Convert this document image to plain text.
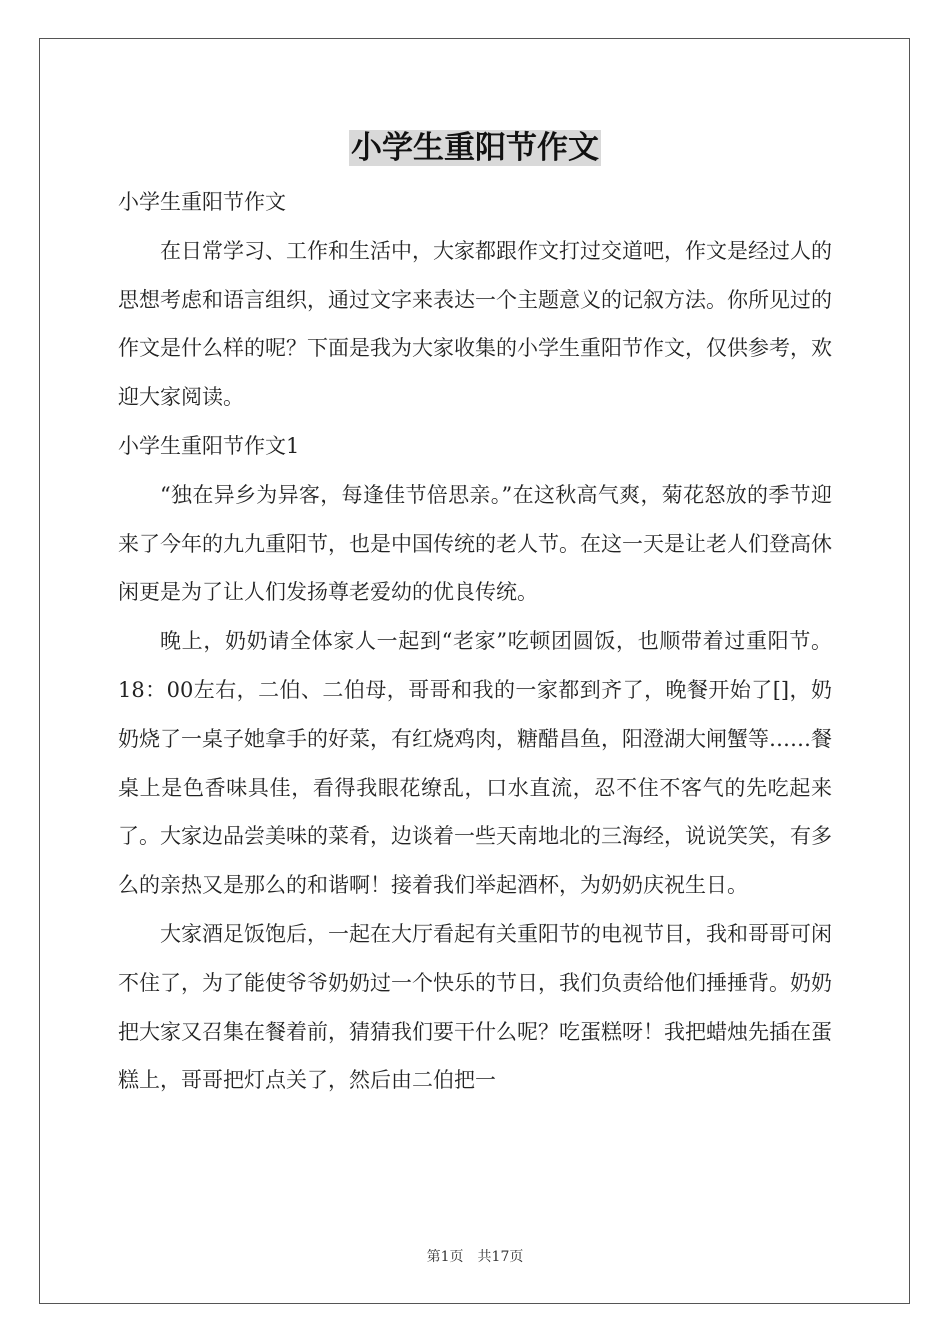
小学生重阳节作文

小学生重阳节作文

在日常学习、工作和生活中，大家都跟作文打过交道吧，作文是经过人的思想考虑和语言组织，通过文字来表达一个主题意义的记叙方法。你所见过的作文是什么样的呢？下面是我为大家收集的小学生重阳节作文，仅供参考，欢迎大家阅读。

小学生重阳节作文1

“独在异乡为异客，每逢佳节倍思亲。”在这秋高气爽，菊花怒放的季节迎来了今年的九九重阳节，也是中国传统的老人节。在这一天是让老人们登高休闲更是为了让人们发扬尊老爱幼的优良传统。

晚上，奶奶请全体家人一起到“老家”吃顿团圆饭，也顺带着过重阳节。18：00左右，二伯、二伯母，哥哥和我的一家都到齐了，晚餐开始了[]，奶奶烧了一桌子她拿手的好菜，有红烧鸡肉，糖醋昌鱼，阳澄湖大闸蟹等……餐桌上是色香味具佳，看得我眼花缭乱，口水直流，忍不住不客气的先吃起来了。大家边品尝美味的菜肴，边谈着一些天南地北的三海经，说说笑笑，有多么的亲热又是那么的和谐啊！接着我们举起酒杯，为奶奶庆祝生日。

大家酒足饭饱后，一起在大厅看起有关重阳节的电视节目，我和哥哥可闲不住了，为了能使爷爷奶奶过一个快乐的节日，我们负责给他们捶捶背。奶奶把大家又召集在餐着前，猜猜我们要干什么呢？吃蛋糕呀！我把蜡烛先插在蛋糕上，哥哥把灯点关了，然后由二伯把一

第1页 共17页
